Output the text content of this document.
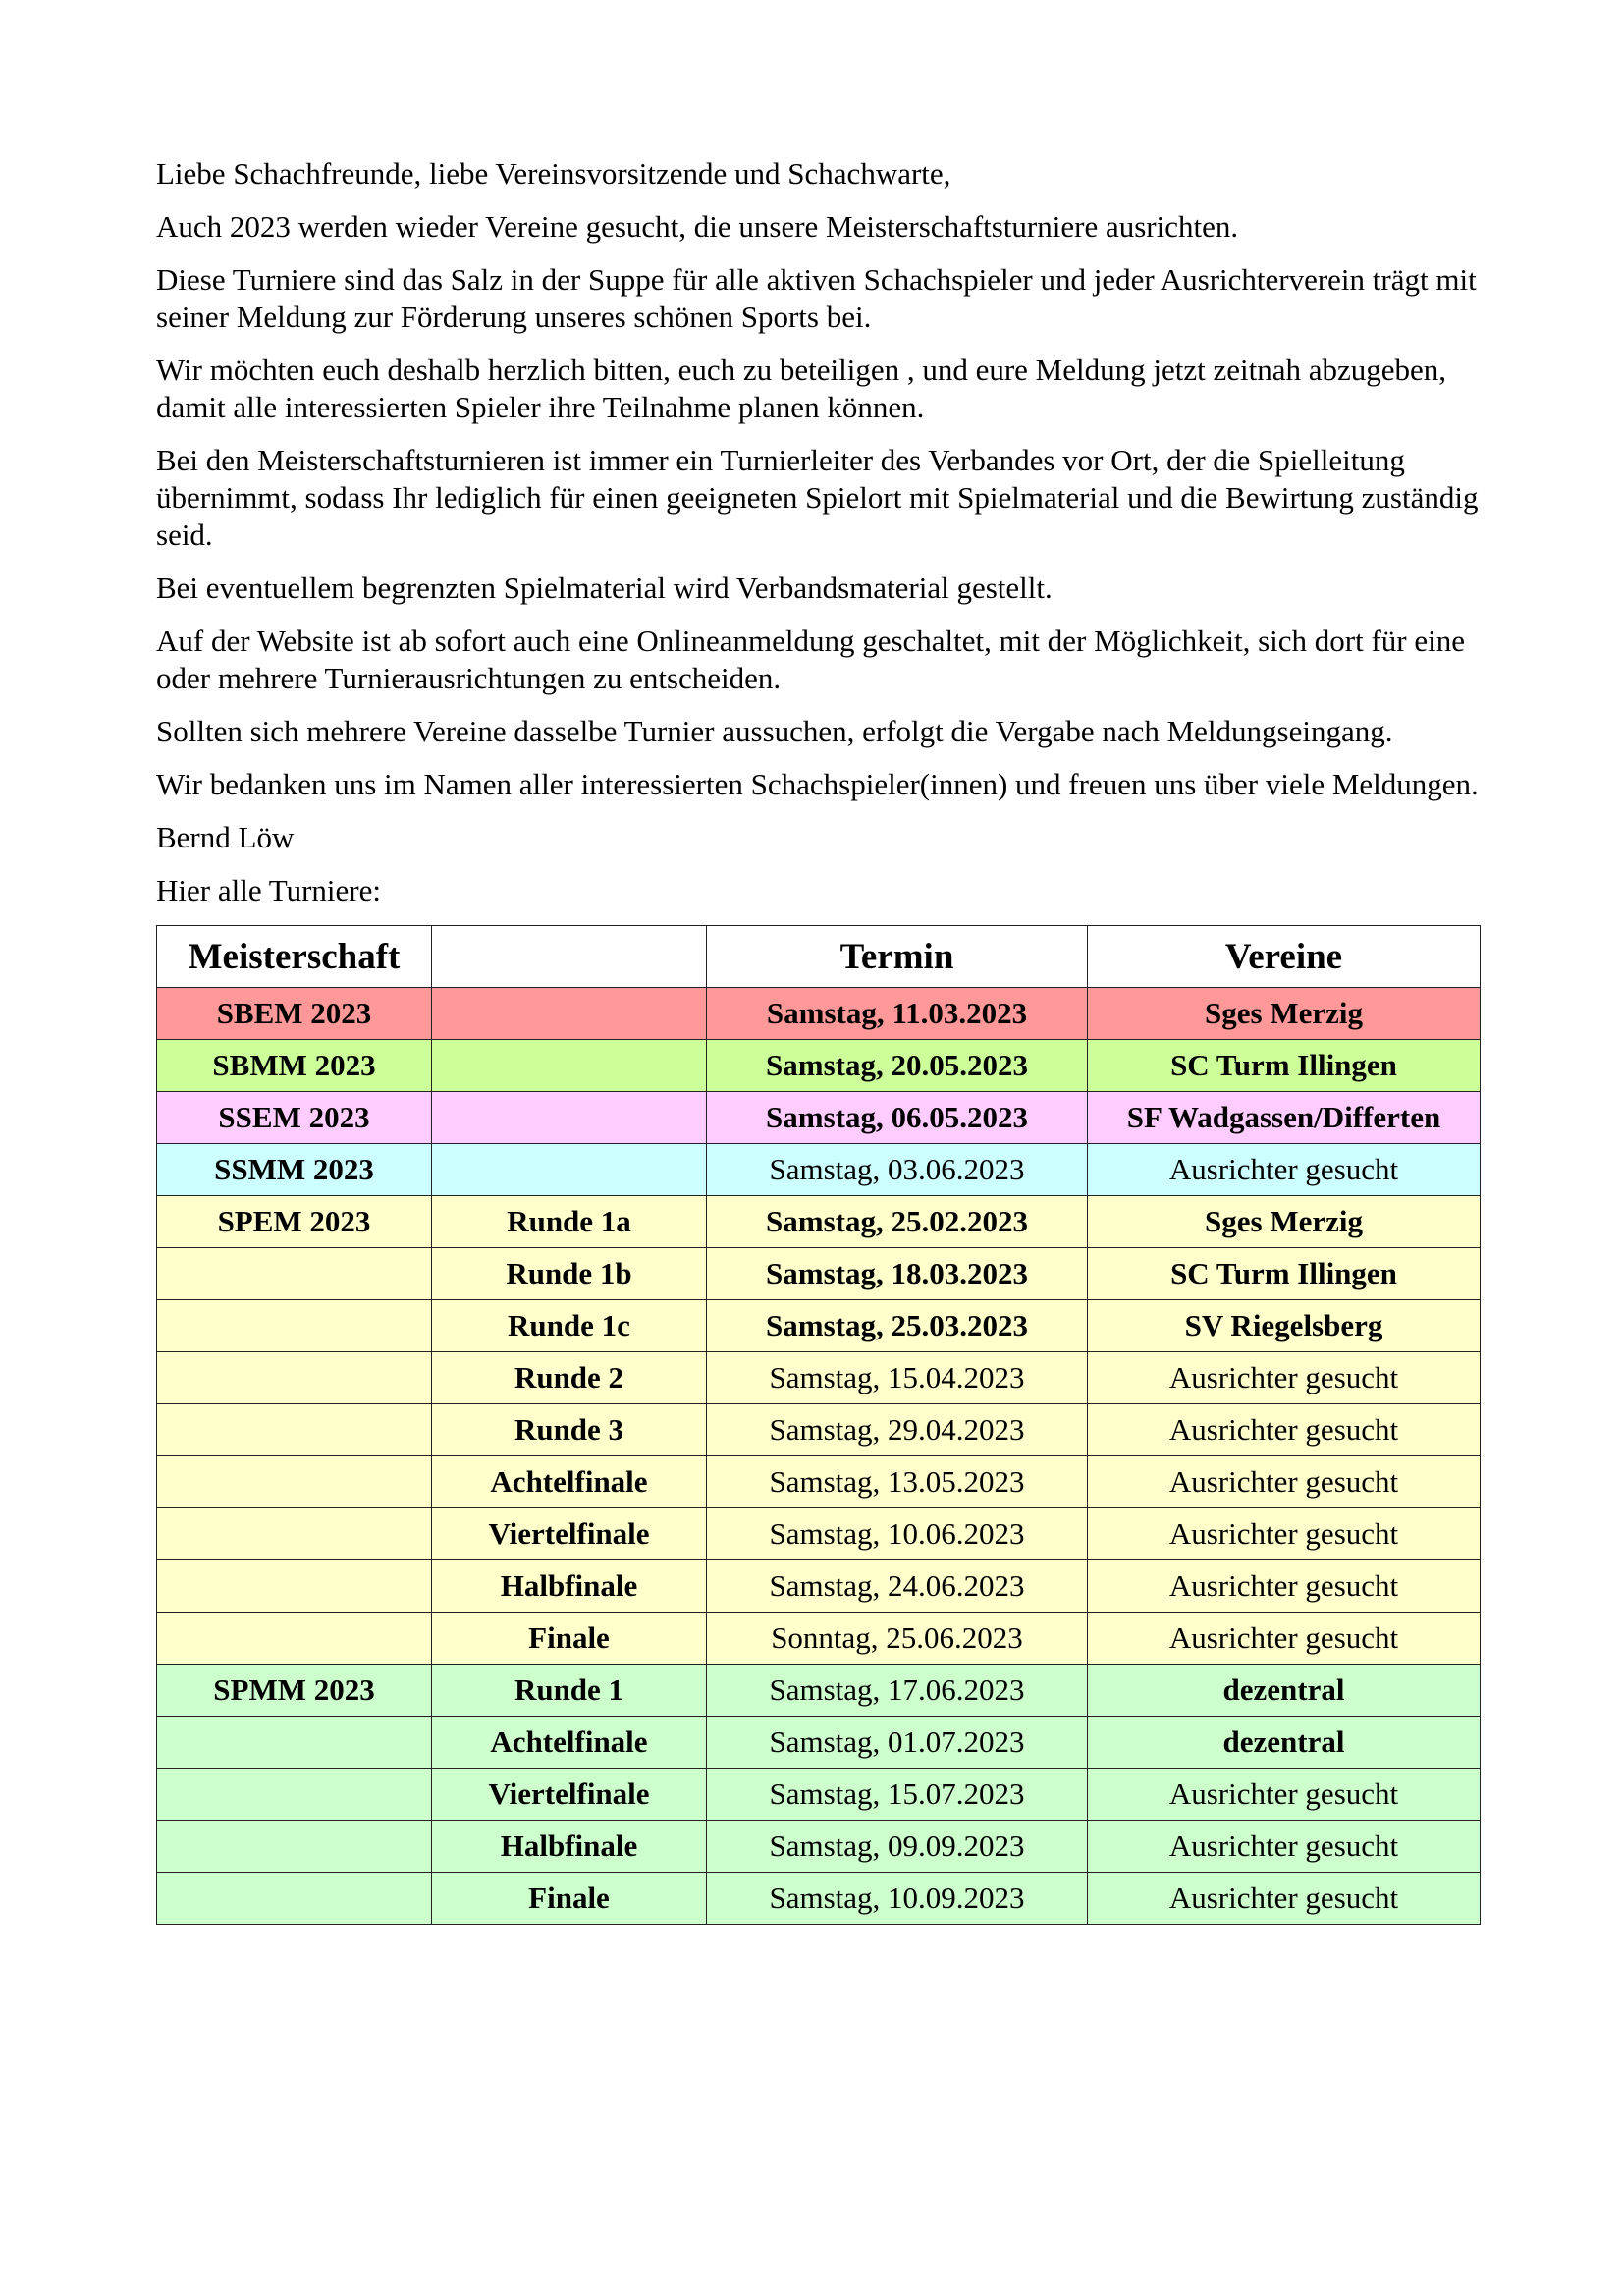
Liebe Schachfreunde, liebe Vereinsvorsitzende und Schachwarte,

Auch 2023 werden wieder Vereine gesucht, die unsere Meisterschaftsturniere ausrichten.

Diese Turniere sind das Salz in der Suppe für alle aktiven Schachspieler und jeder Ausrichterverein trägt mit seiner Meldung zur Förderung unseres schönen Sports bei.

Wir möchten euch deshalb herzlich bitten, euch zu beteiligen , und eure Meldung jetzt zeitnah abzugeben, damit alle interessierten Spieler ihre Teilnahme planen können.

Bei den Meisterschaftsturnieren ist immer ein Turnierleiter des Verbandes vor Ort, der die Spielleitung übernimmt, sodass Ihr lediglich für einen geeigneten Spielort mit Spielmaterial und die Bewirtung zuständig seid.

Bei eventuellem begrenzten Spielmaterial wird Verbandsmaterial gestellt.

Auf der Website ist ab sofort auch eine Onlineanmeldung geschaltet, mit der Möglichkeit, sich dort für eine oder mehrere Turnierausrichtungen zu entscheiden.

Sollten sich mehrere Vereine dasselbe Turnier aussuchen, erfolgt die Vergabe nach Meldungseingang.

Wir bedanken uns im Namen aller interessierten Schachspieler(innen) und freuen uns über viele Meldungen.

Bernd Löw

Hier alle Turniere:

Meisterschaft		Termin	Vereine
SBEM 2023		Samstag, 11.03.2023	Sges Merzig
SBMM 2023		Samstag, 20.05.2023	SC Turm Illingen
SSEM 2023		Samstag, 06.05.2023	SF Wadgassen/Differten
SSMM 2023		Samstag, 03.06.2023	Ausrichter gesucht
SPEM 2023	Runde 1a	Samstag, 25.02.2023	Sges Merzig
	Runde 1b	Samstag, 18.03.2023	SC Turm Illingen
	Runde 1c	Samstag, 25.03.2023	SV Riegelsberg
	Runde 2	Samstag, 15.04.2023	Ausrichter gesucht
	Runde 3	Samstag, 29.04.2023	Ausrichter gesucht
	Achtelfinale	Samstag, 13.05.2023	Ausrichter gesucht
	Viertelfinale	Samstag, 10.06.2023	Ausrichter gesucht
	Halbfinale	Samstag, 24.06.2023	Ausrichter gesucht
	Finale	Sonntag, 25.06.2023	Ausrichter gesucht
SPMM 2023	Runde 1	Samstag, 17.06.2023	dezentral
	Achtelfinale	Samstag, 01.07.2023	dezentral
	Viertelfinale	Samstag, 15.07.2023	Ausrichter gesucht
	Halbfinale	Samstag, 09.09.2023	Ausrichter gesucht
	Finale	Samstag, 10.09.2023	Ausrichter gesucht
